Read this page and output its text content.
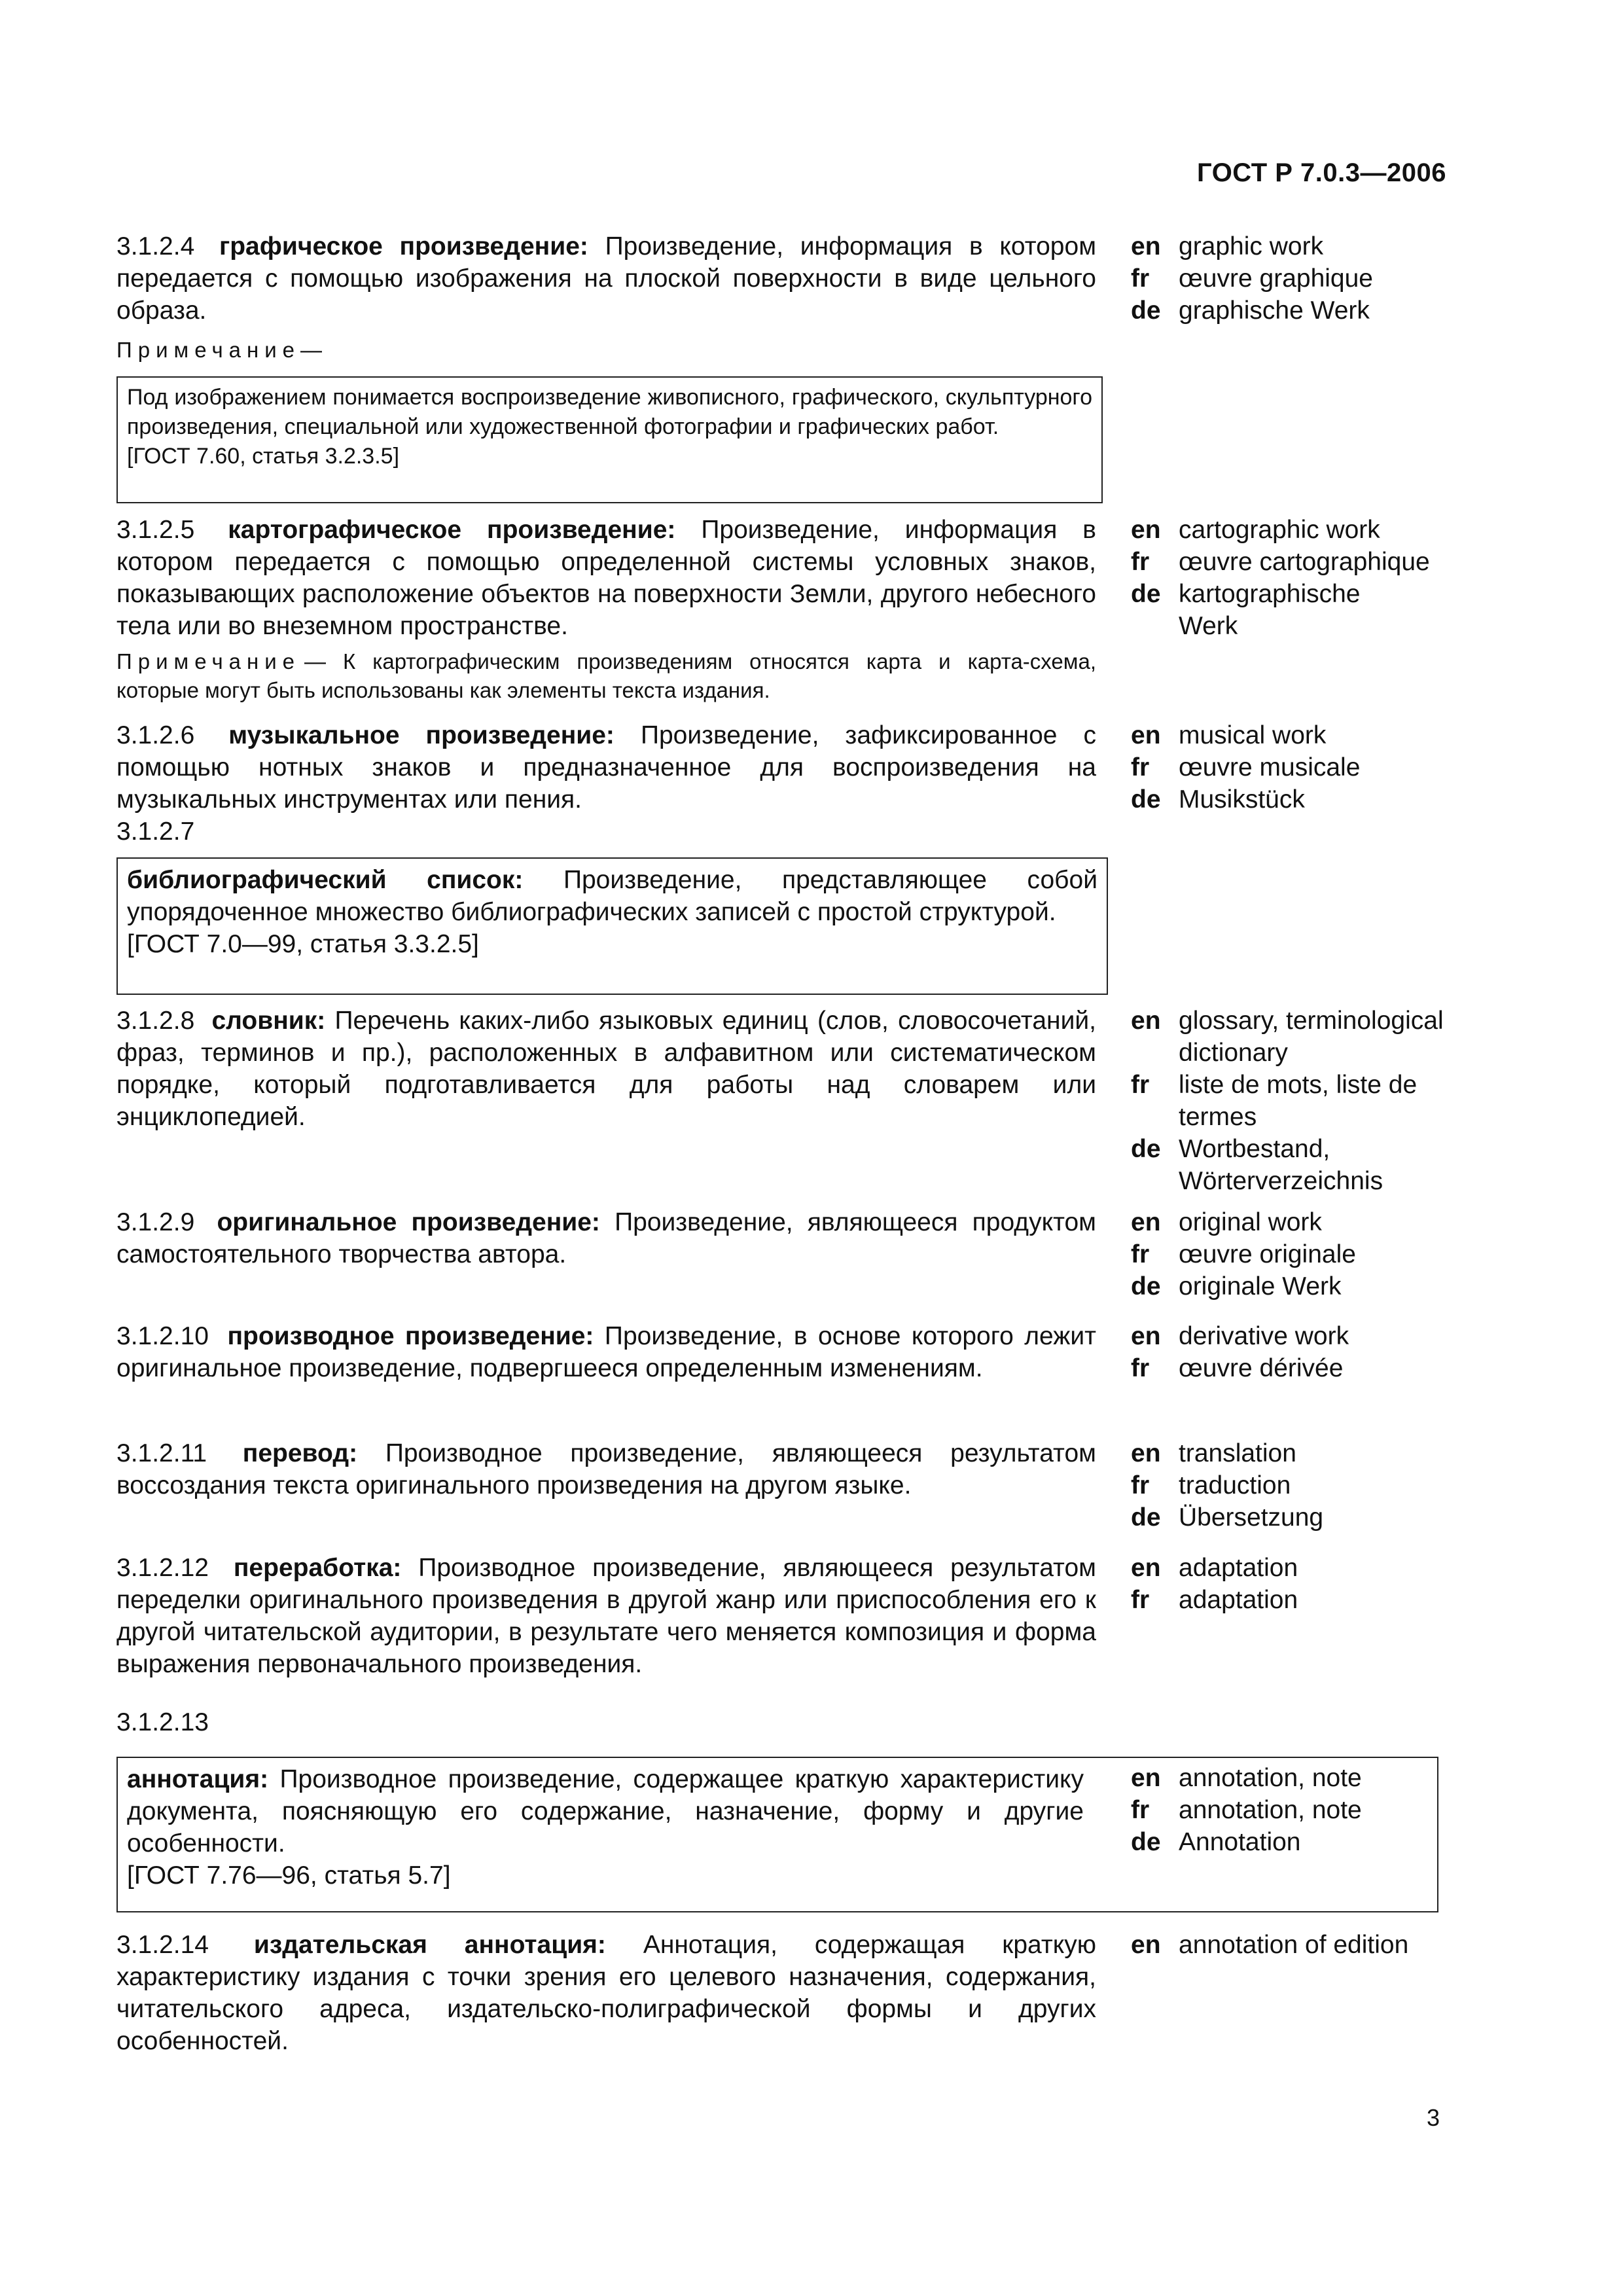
ГОСТ Р 7.0.3—2006

3.1.2.4 графическое произведение: Произведение, информация в котором передается с помощью изображения на плоской поверхности в виде цельного образа.

Примечание—

Под изображением понимается воспроизведение живописного, графического, скульптурного произведения, специальной или художественной фотографии и графических работ.

[ГОСТ 7.60, статья 3.2.3.5]

en graphic work
fr	œuvre graphique
de graphische Werk

3.1.2.5 картографическое произведение: Произведение, информация в котором передается с помощью определенной системы условных знаков, показывающих расположение объектов на поверхности Земли, другого небесного тела или во внеземном пространстве.

Примечание — К картографическим произведениям относятся карта и карта-схема, которые могут быть использованы как элементы текста издания.

en cartographic work
fr	œuvre cartographique
de kartographische Werk

3.1.2.6 музыкальное произведение: Произведение, зафиксированное с помощью нотных знаков и предназначенное для воспроизведения на музыкальных инструментах или пения.

en musical work
fr	œuvre musicale
de Musikstück

3.1.2.7

библиографический список: Произведение, представляющее собой упорядоченное множество библиографических записей с простой структурой.

[ГОСТ 7.0—99, статья 3.3.2.5]

3.1.2.8 словник: Перечень каких-либо языковых единиц (слов, словосочетаний, фраз, терминов и пр.), расположенных в алфавитном или систематическом порядке, который подготавливается для работы над словарем или энциклопедией.

en glossary, terminological dictionary
fr	liste de mots, liste de termes
de Wortbestand, Wörterverzeichnis

3.1.2.9 оригинальное произведение: Произведение, являющееся продуктом самостоятельного творчества автора.

en original work
fr	œuvre originale
de originale Werk

3.1.2.10 производное произведение: Произведение, в основе которого лежит оригинальное произведение, подвергшееся определенным изменениям.

en derivative work
fr	œuvre dérivée

3.1.2.11 перевод: Производное произведение, являющееся результатом воссоздания текста оригинального произведения на другом языке.

en translation
fr	traduction
de Übersetzung

3.1.2.12 переработка: Производное произведение, являющееся результатом переделки оригинального произведения в другой жанр или приспособления его к другой читательской аудитории, в результате чего меняется композиция и форма выражения первоначального произведения.

en adaptation
fr	adaptation

3.1.2.13

аннотация: Производное произведение, содержащее краткую характеристику документа, поясняющую его содержание, назначение, форму и другие особенности.

[ГОСТ 7.76—96, статья 5.7]

en annotation, note
fr	annotation, note
de Annotation

3.1.2.14 издательская аннотация: Аннотация, содержащая краткую характеристику издания с точки зрения его целевого назначения, содержания, читательского адреса, издательско-полиграфической формы и других особенностей.

en annotation of edition
3
